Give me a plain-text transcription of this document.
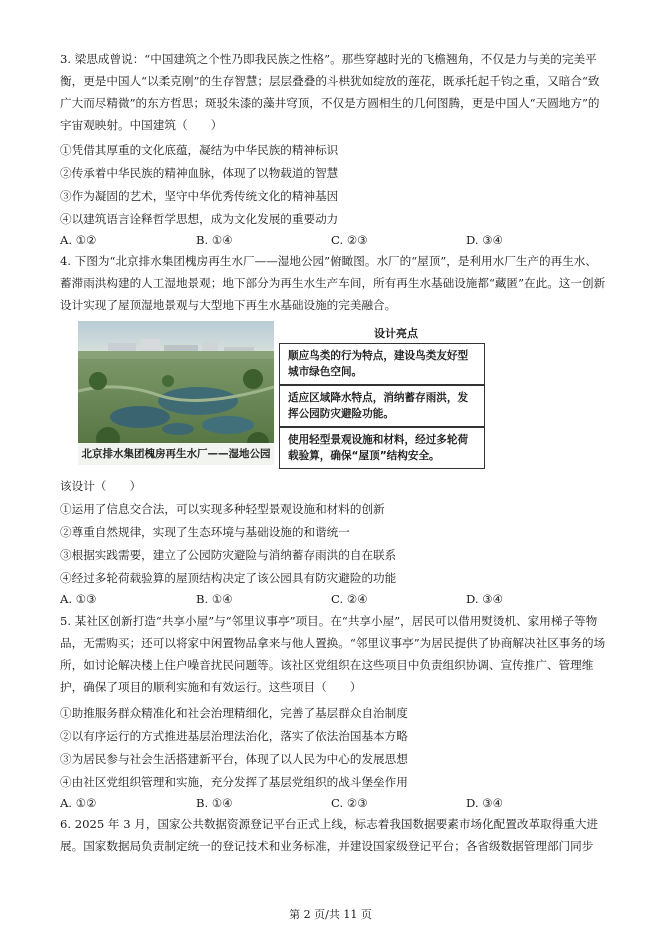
3. 梁思成曾说：“中国建筑之个性乃即我民族之性格”。那些穿越时光的飞檐翘角，不仅是力与美的完美平衡，更是中国人“以柔克刚”的生存智慧；层层叠叠的斗栱犹如绽放的莲花，既承托起千钧之重，又暗合“致广大而尽精微”的东方哲思；斑驳朱漆的藻井穹顶，不仅是方圆相生的几何图腾，更是中国人“天圆地方”的宇宙观映射。中国建筑（　　）

①凭借其厚重的文化底蕴，凝结为中华民族的精神标识
②传承着中华民族的精神血脉，体现了以物载道的智慧
③作为凝固的艺术，坚守中华优秀传统文化的精神基因
④以建筑语言诠释哲学思想，成为文化发展的重要动力
A. ①②	B. ①④	C. ②③	D. ③④

4. 下图为“北京排水集团槐房再生水厂——湿地公园”俯瞰图。水厂的“屋顶”，是利用水厂生产的再生水、蓄滞雨洪构建的人工湿地景观；地下部分为再生水生产车间，所有再生水基础设施都“藏匿”在此。这一创新设计实现了屋顶湿地景观与大型地下再生水基础设施的完美融合。

北京排水集团槐房再生水厂——湿地公园
设计亮点
顺应鸟类的行为特点，建设鸟类友好型城市绿色空间。
适应区域降水特点，消纳蓄存雨洪，发挥公园防灾避险功能。
使用轻型景观设施和材料，经过多轮荷载验算，确保“屋顶”结构安全。
该设计（　　）
①运用了信息交合法，可以实现多种轻型景观设施和材料的创新
②尊重自然规律，实现了生态环境与基础设施的和谐统一
③根据实践需要，建立了公园防灾避险与消纳蓄存雨洪的自在联系
④经过多轮荷载验算的屋顶结构决定了该公园具有防灾避险的功能
A. ①③	B. ①④	C. ②④	D. ③④

5. 某社区创新打造“共享小屋”与“邻里议事亭”项目。在“共享小屋”，居民可以借用熨烫机、家用梯子等物品，无需购买；还可以将家中闲置物品拿来与他人置换。“邻里议事亭”为居民提供了协商解决社区事务的场所，如讨论解决楼上住户噪音扰民问题等。该社区党组织在这些项目中负责组织协调、宣传推广、管理维护，确保了项目的顺利实施和有效运行。这些项目（　　）

①助推服务群众精准化和社会治理精细化，完善了基层群众自治制度
②以有序运行的方式推进基层治理法治化，落实了依法治国基本方略
③为居民参与社会生活搭建新平台，体现了以人民为中心的发展思想
④由社区党组织管理和实施，充分发挥了基层党组织的战斗堡垒作用
A. ①②	B. ①④	C. ②③	D. ③④

6. 2025 年 3 月，国家公共数据资源登记平台正式上线，标志着我国数据要素市场化配置改革取得重大进展。国家数据局负责制定统一的登记技术和业务标准，并建设国家级登记平台；各省级数据管理部门同步

第 2 页/共 11 页
